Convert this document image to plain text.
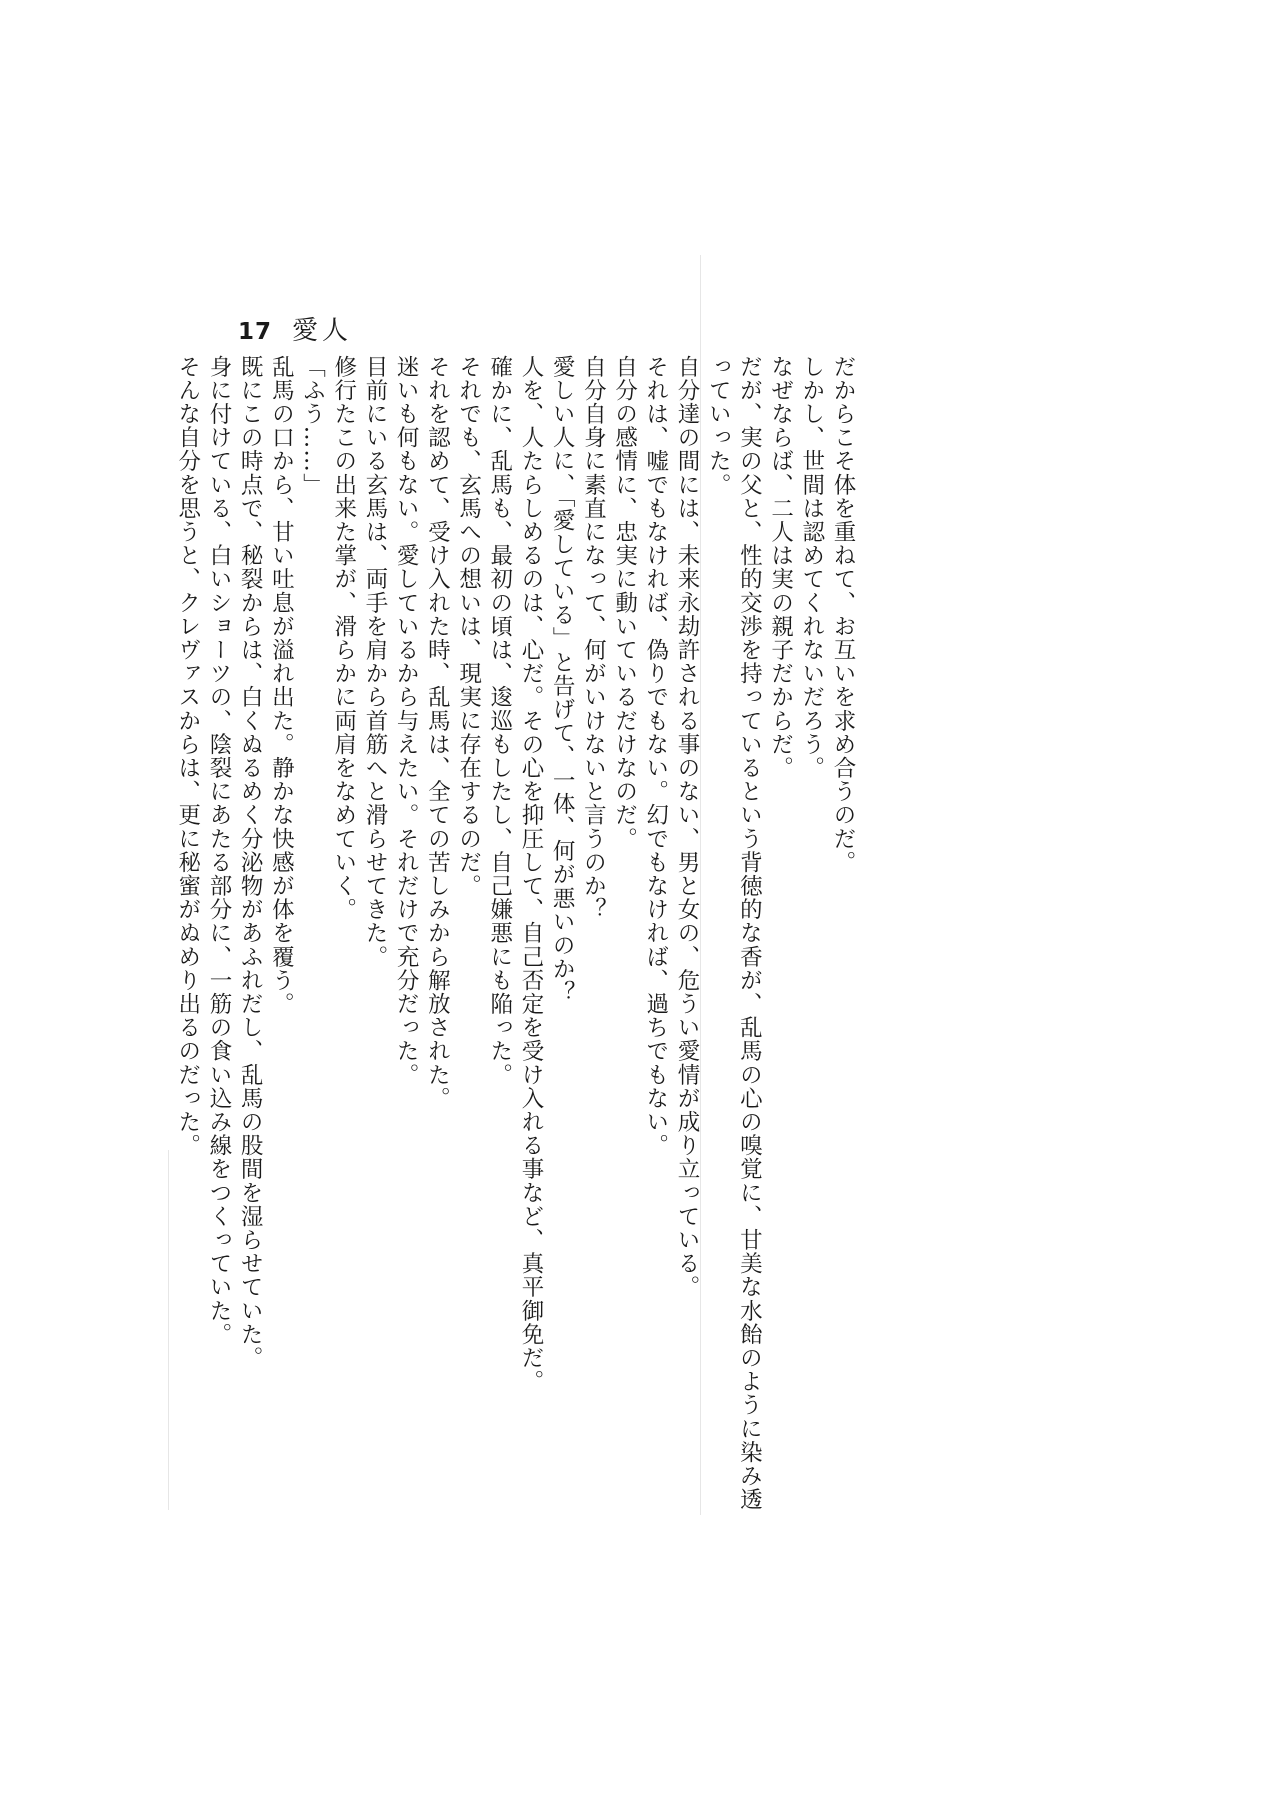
17 愛人

だからこそ体を重ねて、お互いを求め合うのだ。

しかし、世間は認めてくれないだろう。

なぜならば、二人は実の親子だからだ。

だが、実の父と、性的交渉を持っているという背徳的な香が、乱馬の心の嗅覚に、甘美な水飴のように染み透っていった。

自分達の間には、未来永劫許される事のない、男と女の、危うい愛情が成り立っている。

それは、嘘でもなければ、偽りでもない。幻でもなければ、過ちでもない。

自分の感情に、忠実に動いているだけなのだ。

自分自身に素直になって、何がいけないと言うのか？

愛しい人に、「愛している」と告げて、一体、何が悪いのか？

人を、人たらしめるのは、心だ。その心を抑圧して、自己否定を受け入れる事など、真平御免だ。

確かに、乱馬も、最初の頃は、逡巡もしたし、自己嫌悪にも陥った。

それでも、玄馬への想いは、現実に存在するのだ。

それを認めて、受け入れた時、乱馬は、全ての苦しみから解放された。

迷いも何もない。愛しているから与えたい。それだけで充分だった。

目前にいる玄馬は、両手を肩から首筋へと滑らせてきた。

修行たこの出来た掌が、滑らかに両肩をなめていく。

「ふう……」

乱馬の口から、甘い吐息が溢れ出た。静かな快感が体を覆う。

既にこの時点で、秘裂からは、白くぬるめく分泌物があふれだし、乱馬の股間を湿らせていた。

身に付けている、白いショーツの、陰裂にあたる部分に、一筋の食い込み線をつくっていた。

そんな自分を思うと、クレヴァスからは、更に秘蜜がぬめり出るのだった。
